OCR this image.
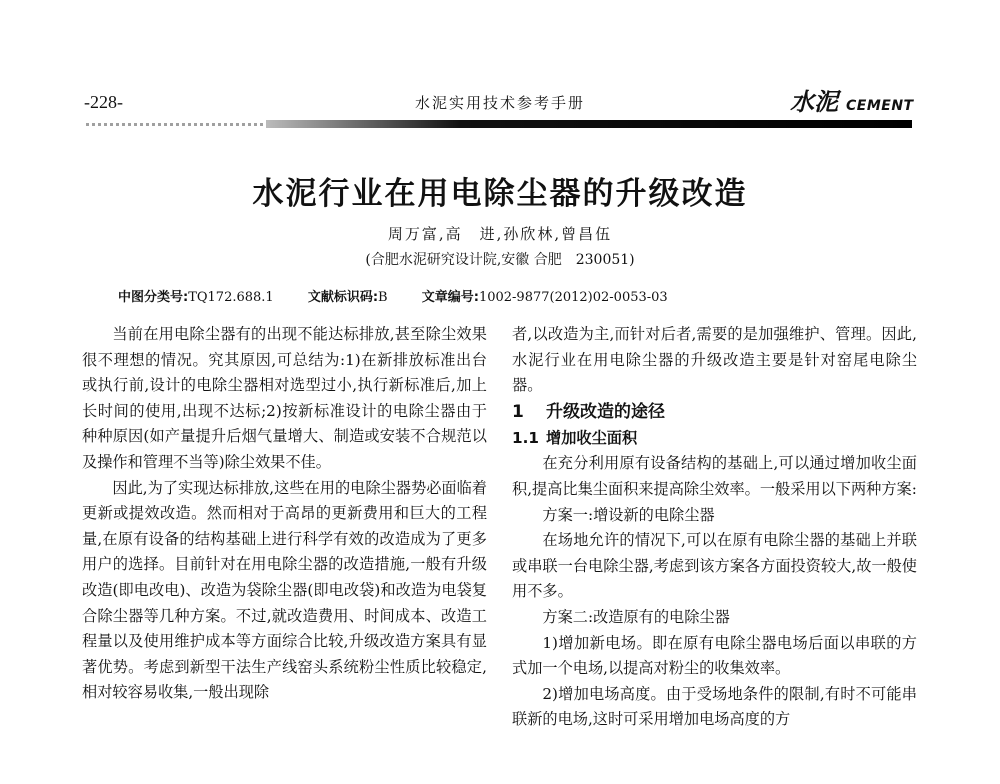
-228-	水泥实用技术参考手册	水泥 CEMENT
水泥行业在用电除尘器的升级改造
周万富,高　进,孙欣林,曾昌伍
(合肥水泥研究设计院,安徽 合肥　230051)
中图分类号:TQ172.688.1	文献标识码:B	文章编号:1002-9877(2012)02-0053-03

当前在用电除尘器有的出现不能达标排放,甚至除尘效果很不理想的情况。究其原因,可总结为:1)在新排放标准出台或执行前,设计的电除尘器相对选型过小,执行新标准后,加上长时间的使用,出现不达标;2)按新标准设计的电除尘器由于种种原因(如产量提升后烟气量增大、制造或安装不合规范以及操作和管理不当等)除尘效果不佳。

因此,为了实现达标排放,这些在用的电除尘器势必面临着更新或提效改造。然而相对于高昂的更新费用和巨大的工程量,在原有设备的结构基础上进行科学有效的改造成为了更多用户的选择。目前针对在用电除尘器的改造措施,一般有升级改造(即电改电)、改造为袋除尘器(即电改袋)和改造为电袋复合除尘器等几种方案。不过,就改造费用、时间成本、改造工程量以及使用维护成本等方面综合比较,升级改造方案具有显著优势。考虑到新型干法生产线窑头系统粉尘性质比较稳定,相对较容易收集,一般出现除

者,以改造为主,而针对后者,需要的是加强维护、管理。因此,水泥行业在用电除尘器的升级改造主要是针对窑尾电除尘器。

1 升级改造的途径

1.1 增加收尘面积

在充分利用原有设备结构的基础上,可以通过增加收尘面积,提高比集尘面积来提高除尘效率。一般采用以下两种方案:

方案一:增设新的电除尘器

在场地允许的情况下,可以在原有电除尘器的基础上并联或串联一台电除尘器,考虑到该方案各方面投资较大,故一般使用不多。

方案二:改造原有的电除尘器

1)增加新电场。即在原有电除尘器电场后面以串联的方式加一个电场,以提高对粉尘的收集效率。

2)增加电场高度。由于受场地条件的限制,有时不可能串联新的电场,这时可采用增加电场高度的方
